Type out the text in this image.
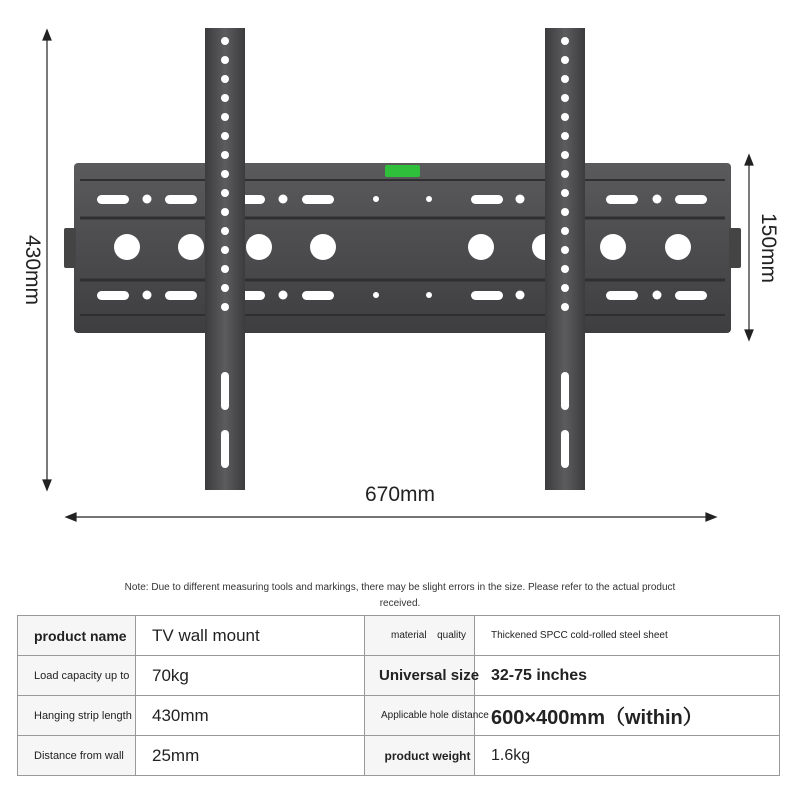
430mm	150mm
670mm
Note: Due to different measuring tools and markings, there may be slight errors in the size. Please refer to the actual product received.
product name	TV wall mount	material quality	Thickened SPCC cold-rolled steel sheet
Load capacity up to	70kg	Universal size	32-75 inches
Hanging strip length	430mm	Applicable hole distance	600×400mm（within）
Distance from wall	25mm	product weight	1.6kg
